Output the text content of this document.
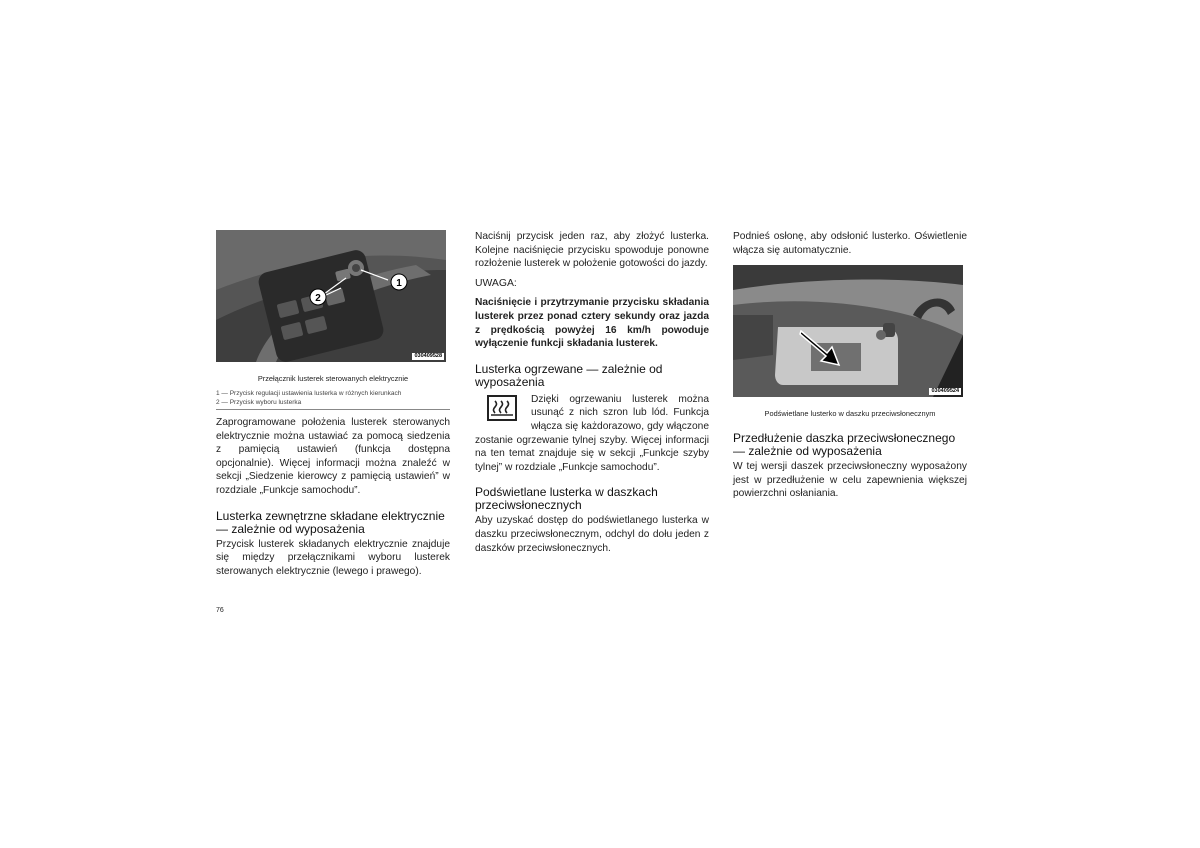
1
2
030409528
Przełącznik lusterek sterowanych elektrycznie
1 — Przycisk regulacji ustawienia lusterka w różnych kierunkach
2 — Przycisk wyboru lusterka

Zaprogramowane położenia lusterek sterowanych elektrycznie można ustawiać za pomocą siedzenia z pamięcią ustawień (funkcja dostępna opcjonalnie). Więcej informacji można znaleźć w sekcji „Siedzenie kierowcy z pamięcią ustawień” w rozdziale „Funkcje samochodu”.

Lusterka zewnętrzne składane elektrycznie — zależnie od wyposażenia

Przycisk lusterek składanych elektrycznie znajduje się między przełącznikami wyboru lusterek sterowanych elektrycznie (lewego i prawego).

Naciśnij przycisk jeden raz, aby złożyć lusterka. Kolejne naciśnięcie przycisku spowoduje ponowne rozłożenie lusterek w położenie gotowości do jazdy.

UWAGA:

Naciśnięcie i przytrzymanie przycisku składania lusterek przez ponad cztery sekundy oraz jazda z prędkością powyżej 16 km/h powoduje wyłączenie funkcji składania lusterek.

Lusterka ogrzewane — zależnie od wyposażenia

Dzięki ogrzewaniu lusterek można usunąć z nich szron lub lód. Funkcja włącza się każdorazowo, gdy włączone zostanie ogrzewanie tylnej szyby. Więcej informacji na ten temat znajduje się w sekcji „Funkcje szyby tylnej” w rozdziale „Funkcje samochodu”.

Podświetlane lusterka w daszkach przeciwsłonecznych

Aby uzyskać dostęp do podświetlanego lusterka w daszku przeciwsłonecznym, odchyl do dołu jeden z daszków przeciwsłonecznych.

Podnieś osłonę, aby odsłonić lusterko. Oświetlenie włącza się automatycznie.

030409524
Podświetlane lusterko w daszku przeciwsłonecznym
Przedłużenie daszka przeciwsłonecznego — zależnie od wyposażenia

W tej wersji daszek przeciwsłoneczny wyposażony jest w przedłużenie w celu zapewnienia większej powierzchni osłaniania.

76
